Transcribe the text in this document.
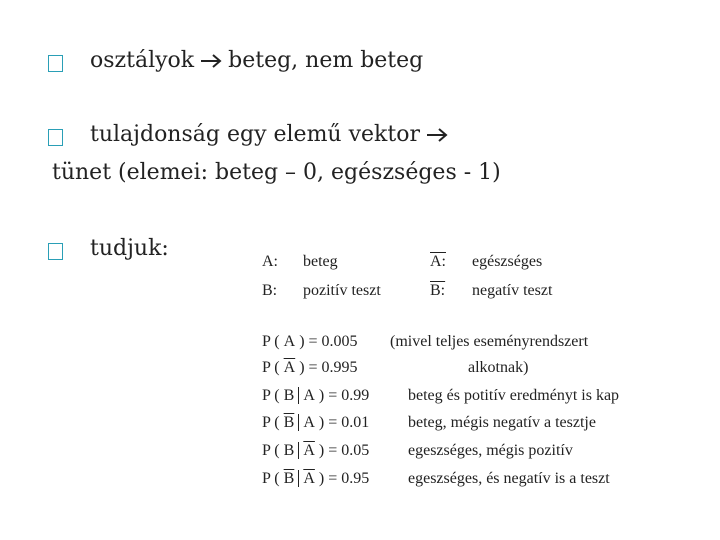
osztályok beteg, nem beteg
tulajdonság egy elemű vektor
tünet (elemei: beteg – 0, egészséges - 1)
tudjuk:
A: beteg	A: egészséges
B: pozitív teszt	B: negatív teszt
P ( A ) = 0.005 (mivel teljes eseményrendszert
P ( $\overline{A}$ ) = 0.995	alkotnak)
P ( B A ) = 0.99 beteg és potitív eredményt is kap
P ( $\overline{B}$ A ) = 0.01 beteg, mégis negatív a tesztje
P ( B $\overline{A}$ ) = 0.05 egeszséges, mégis pozitív
P ( $\overline{B}$ $\overline{A}$ ) = 0.95 egeszséges, és negatív is a teszt
